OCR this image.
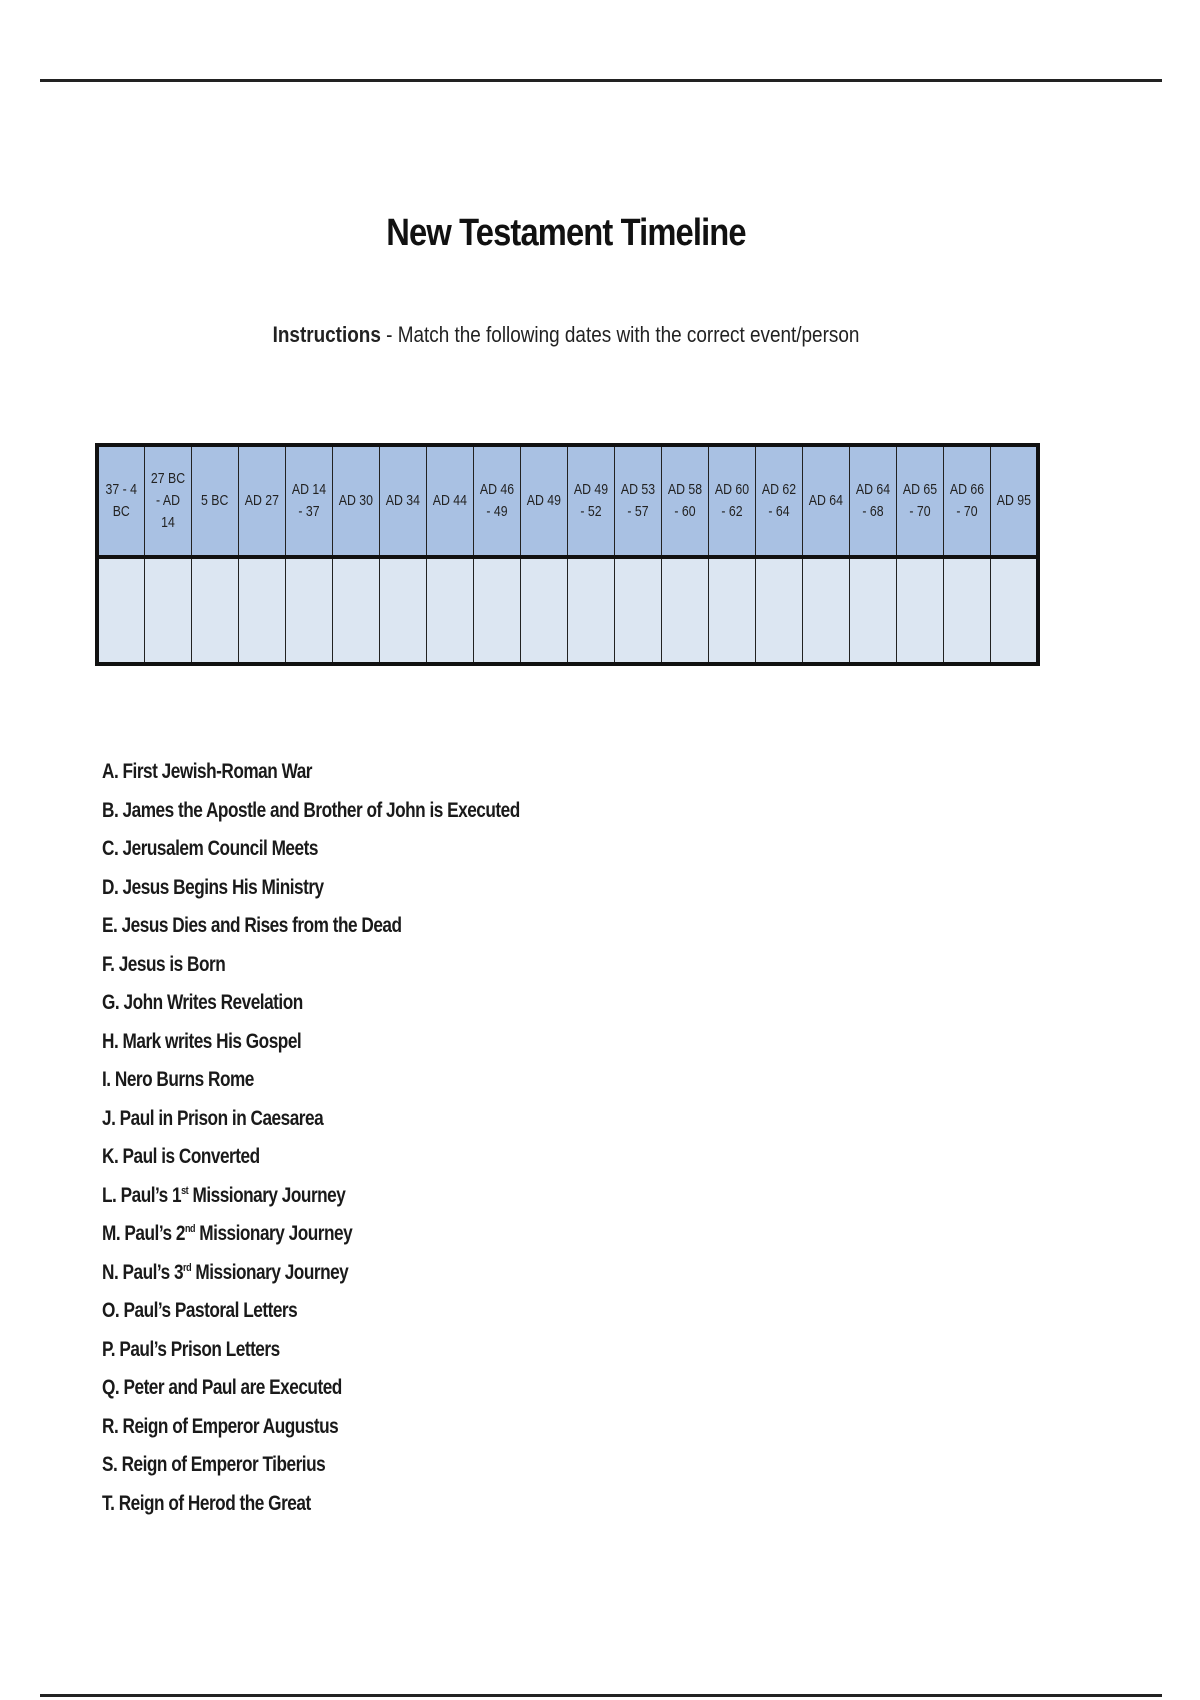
New Testament Timeline
Instructions - Match the following dates with the correct event/person
37 - 4 BC	27 BC - AD 14	5 BC	AD 27	AD 14 - 37	AD 30	AD 34	AD 44	AD 46 - 49	AD 49	AD 49 - 52	AD 53 - 57	AD 58 - 60	AD 60 - 62	AD 62 - 64	AD 64	AD 64 - 68	AD 65 - 70	AD 66 - 70	AD 95

A. First Jewish-Roman War
B. James the Apostle and Brother of John is Executed
C. Jerusalem Council Meets
D. Jesus Begins His Ministry
E. Jesus Dies and Rises from the Dead
F. Jesus is Born
G. John Writes Revelation
H. Mark writes His Gospel
I. Nero Burns Rome
J. Paul in Prison in Caesarea
K. Paul is Converted
L. Paul’s 1st Missionary Journey
M. Paul’s 2nd Missionary Journey
N. Paul’s 3rd Missionary Journey
O. Paul’s Pastoral Letters
P. Paul’s Prison Letters
Q. Peter and Paul are Executed
R. Reign of Emperor Augustus
S. Reign of Emperor Tiberius
T. Reign of Herod the Great
